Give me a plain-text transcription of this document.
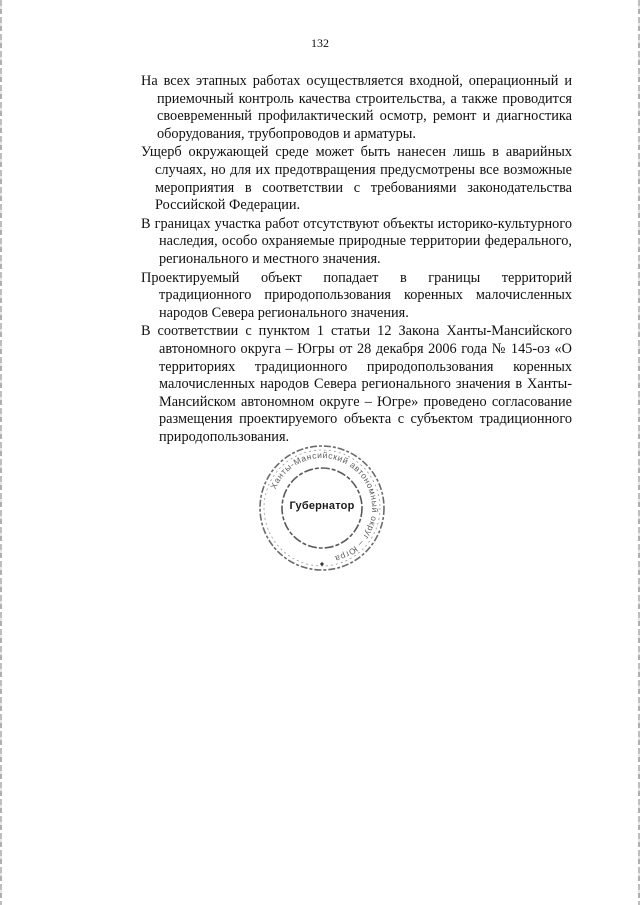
132

На всех этапных работах осуществляется входной, операционный и приемочный контроль качества строительства, а также проводится своевременный профилактический осмотр, ремонт и диагностика оборудования, трубопроводов и арматуры.

Ущерб окружающей среде может быть нанесен лишь в аварийных случаях, но для их предотвращения предусмотрены все возможные мероприятия в соответствии с требованиями законодательства Российской Федерации.

В границах участка работ отсутствуют объекты историко-культурного наследия, особо охраняемые природные территории федерального, регионального и местного значения.

Проектируемый объект попадает в границы территорий традиционного природопользования коренных малочисленных народов Севера регионального значения.

В соответствии с пунктом 1 статьи 12 Закона Ханты-Мансийского автономного округа – Югры от 28 декабря 2006 года № 145-оз «О территориях традиционного природопользования коренных малочисленных народов Севера регионального значения в Ханты-Мансийском автономном округе – Югре» проведено согласование размещения проектируемого объекта с субъектом традиционного природопользования.

Ханты-Мансийский автономный округ – Югра
Губернатор
